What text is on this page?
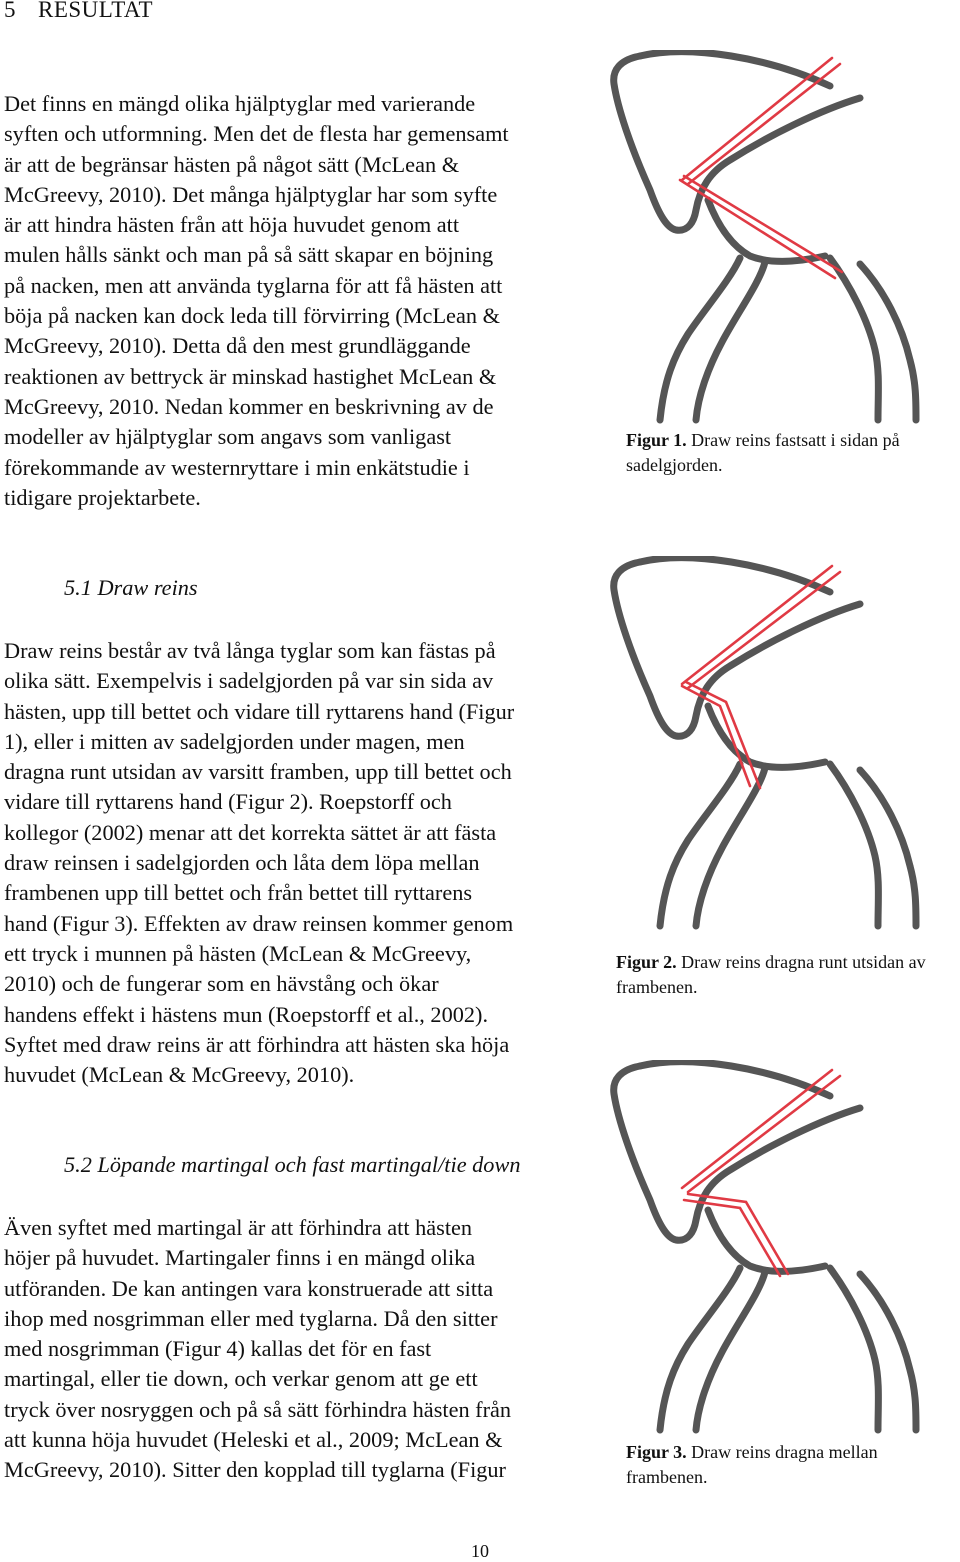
5 RESULTAT

Det finns en mängd olika hjälptyglar med varierande
syften och utformning. Men det de flesta har gemensamt
är att de begränsar hästen på något sätt (McLean &
McGreevy, 2010). Det många hjälptyglar har som syfte
är att hindra hästen från att höja huvudet genom att
mulen hålls sänkt och man på så sätt skapar en böjning
på nacken, men att använda tyglarna för att få hästen att
böja på nacken kan dock leda till förvirring (McLean &
McGreevy, 2010). Detta då den mest grundläggande
reaktionen av bettryck är minskad hastighet McLean &
McGreevy, 2010. Nedan kommer en beskrivning av de
modeller av hjälptyglar som angavs som vanligast
förekommande av westernryttare i min enkätstudie i
tidigare projektarbete.

5.1 Draw reins

Draw reins består av två långa tyglar som kan fästas på
olika sätt. Exempelvis i sadelgjorden på var sin sida av
hästen, upp till bettet och vidare till ryttarens hand (Figur
1), eller i mitten av sadelgjorden under magen, men
dragna runt utsidan av varsitt framben, upp till bettet och
vidare till ryttarens hand (Figur 2). Roepstorff och
kollegor (2002) menar att det korrekta sättet är att fästa
draw reinsen i sadelgjorden och låta dem löpa mellan
frambenen upp till bettet och från bettet till ryttarens
hand (Figur 3). Effekten av draw reinsen kommer genom
ett tryck i munnen på hästen (McLean & McGreevy,
2010) och de fungerar som en hävstång och ökar
handens effekt i hästens mun (Roepstorff et al., 2002).
Syftet med draw reins är att förhindra att hästen ska höja
huvudet (McLean & McGreevy, 2010).

5.2 Löpande martingal och fast martingal/tie down

Även syftet med martingal är att förhindra att hästen
höjer på huvudet. Martingaler finns i en mängd olika
utföranden. De kan antingen vara konstruerade att sitta
ihop med nosgrimman eller med tyglarna. Då den sitter
med nosgrimman (Figur 4) kallas det för en fast
martingal, eller tie down, och verkar genom att ge ett
tryck över nosryggen och på så sätt förhindra hästen från
att kunna höja huvudet (Heleski et al., 2009; McLean &
McGreevy, 2010). Sitter den kopplad till tyglarna (Figur

Figur 1. Draw reins fastsatt i sidan på sadelgjorden.

Figur 2. Draw reins dragna runt utsidan av frambenen.

Figur 3. Draw reins dragna mellan frambenen.

10
